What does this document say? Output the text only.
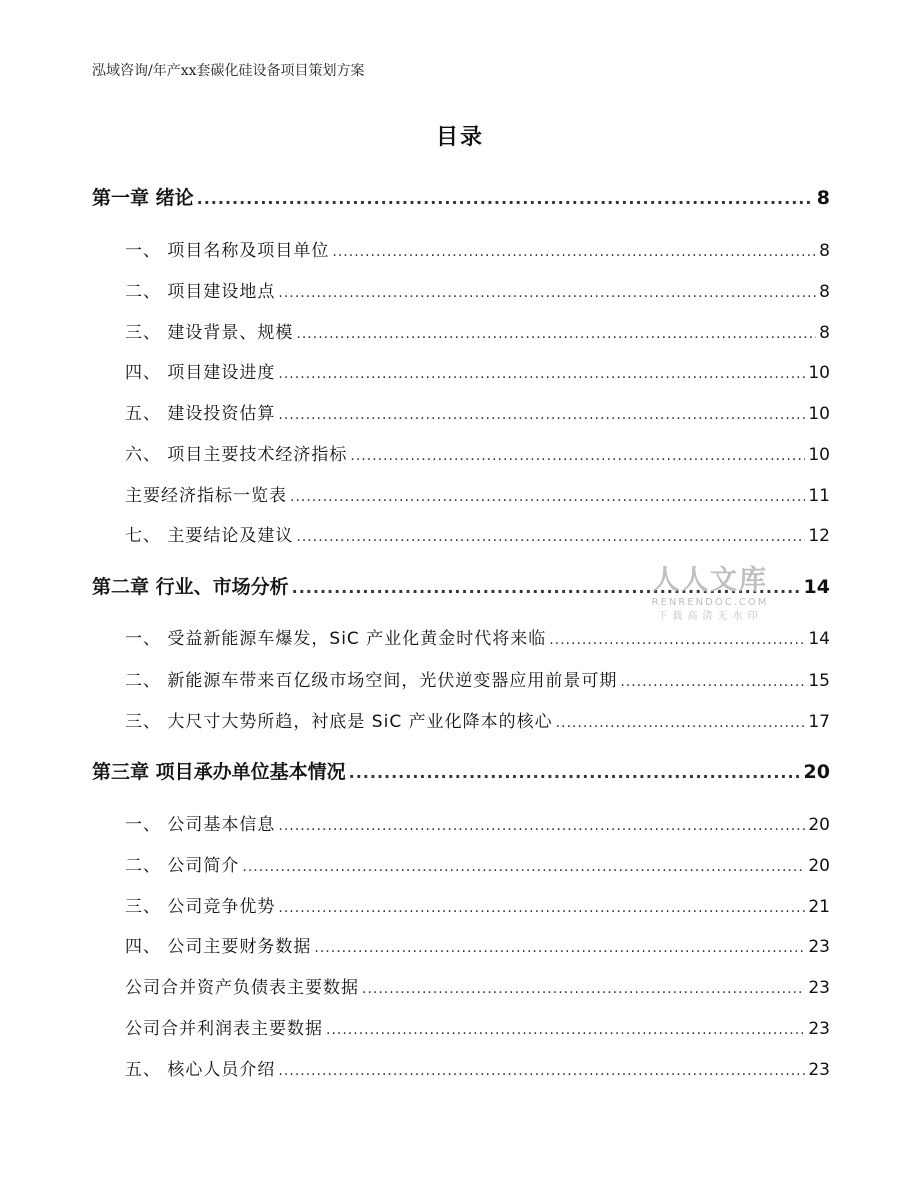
泓域咨询/年产xx套碳化硅设备项目策划方案
目录
第一章 绪论 .....	8
一、 项目名称及项目单位 .....	8
二、 项目建设地点 .....	8
三、 建设背景、规模 .....	8
四、 项目建设进度 .....	10
五、 建设投资估算 .....	10
六、 项目主要技术经济指标 .....	10
主要经济指标一览表 .....	11
七、 主要结论及建议 .....	12
第二章 行业、市场分析 .....	14
一、 受益新能源车爆发，SiC 产业化黄金时代将来临 .....	14
二、 新能源车带来百亿级市场空间，光伏逆变器应用前景可期 .....	15
三、 大尺寸大势所趋，衬底是 SiC 产业化降本的核心 .....	17
第三章 项目承办单位基本情况 .....	20
一、 公司基本信息 .....	20
二、 公司简介 .....	20
三、 公司竞争优势 .....	21
四、 公司主要财务数据 .....	23
公司合并资产负债表主要数据 .....	23
公司合并利润表主要数据 .....	23
五、 核心人员介绍 .....	23
人人文库
RENRENDOC.COM
下载高清无水印
